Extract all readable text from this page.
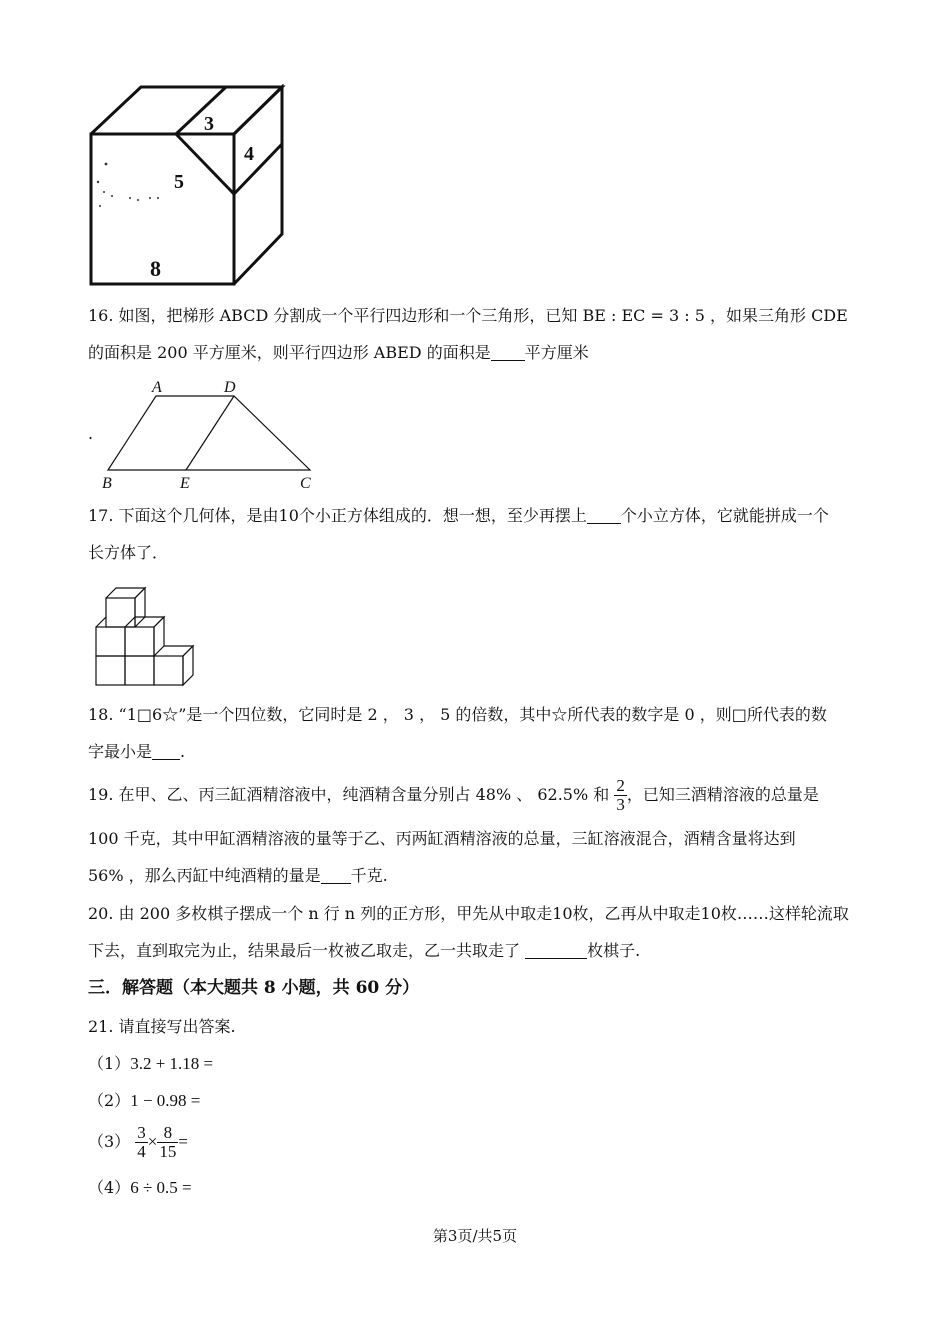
3
4
5
8
16. 如图，把梯形 ABCD 分割成一个平行四边形和一个三角形，已知 BE : EC = 3 : 5 ，如果三角形 CDE
的面积是 200 平方厘米，则平行四边形 ABED 的面积是 平方厘米
.
A	D
B	E	C
17. 下面这个几何体，是由10个小正方体组成的．想一想，至少再摆上 个小立方体，它就能拼成一个
长方体了．
18. “1□6☆”是一个四位数，它同时是 2 ， 3 ， 5 的倍数，其中☆所代表的数字是 0 ，则□所代表的数
字最小是 .
19. 在甲、乙、丙三缸酒精溶液中，纯酒精含量分别占 48% 、 62.5% 和 $\frac{2}{3}$ ，已知三酒精溶液的总量是
100 千克，其中甲缸酒精溶液的量等于乙、丙两缸酒精溶液的总量，三缸溶液混合，酒精含量将达到
56% ，那么丙缸中纯酒精的量是 千克.
20. 由 200 多枚棋子摆成一个 n 行 n 列的正方形，甲先从中取走10枚，乙再从中取走10枚……这样轮流取
下去，直到取完为止，结果最后一枚被乙取走，乙一共取走了	枚棋子.
三．解答题（本大题共 8 小题，共 60 分）
21. 请直接写出答案.
（1）3.2 + 1.18 =
（2）1 − 0.98 =
$(3) \frac{3}{4} \times \frac{8}{15}$ =
（4）6 ÷ 0.5 =
第3页/共5页
